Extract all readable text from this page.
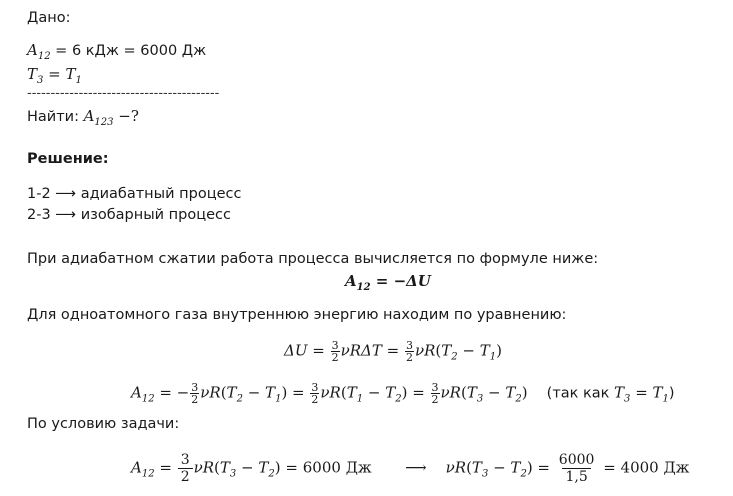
Дано:
$A_{12} = 6$ кДж = 6000 Дж
$T_3 = T_1$
-----------------------------------------
Найти: $A_{123}$ −?
Решение:
1-2 ⟶ адиабатный процесс
2-3 ⟶ изобарный процесс
При адиабатном сжатии работа процесса вычисляется по формуле ниже:
$A_{12} = -\Delta U$
Для одноатомного газа внутреннюю энергию находим по уравнению:
$\Delta U = \frac{3}{2}$ $\nu R\Delta T = \frac{3}{2} \nu R(T_2 - T_1)$
$A_{12}$ = − $\frac{3}{2} \nu R(T_2 - T_1) = \frac{3}{2} \nu R(T_1 - T_2) = \frac{3}{2} \nu R(T_3 - T_2)$    (так как $T_3 = T_1$)
По условию задачи:
$A_{12} = \frac{3}{2} \nu R(T_3 - T_2) = 6000$ Дж       ⟶    $\nu R(T_3 - T_2) = \frac{6000}{1,5} = 4000$ Дж
